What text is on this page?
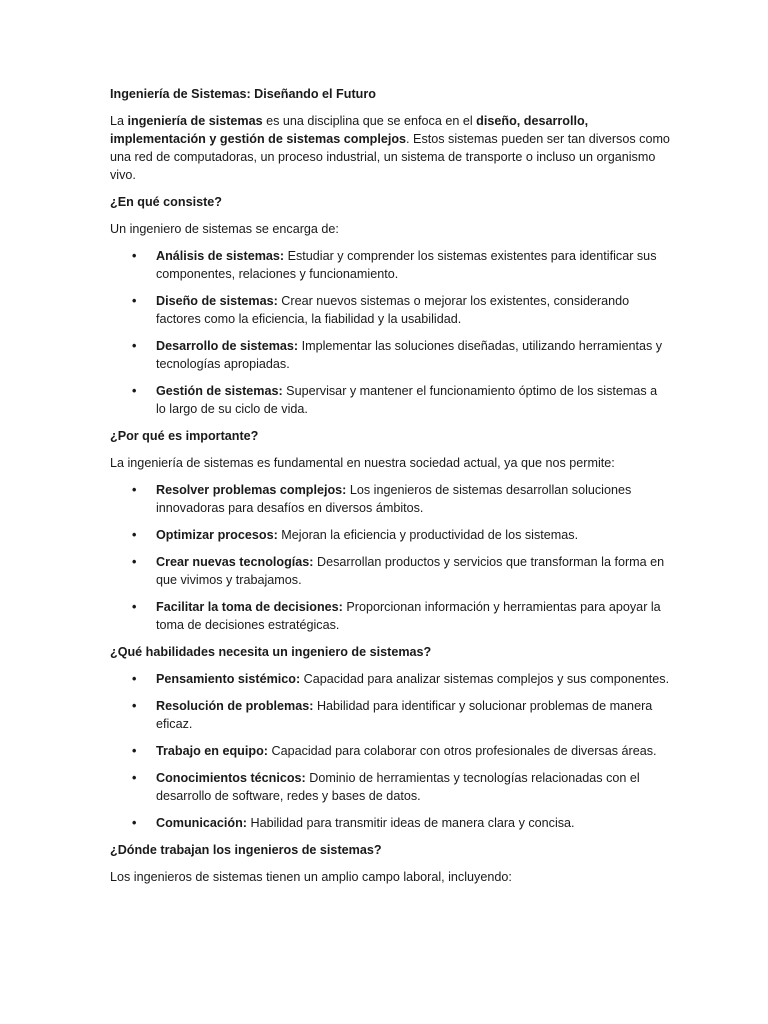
Ingeniería de Sistemas: Diseñando el Futuro

La ingeniería de sistemas es una disciplina que se enfoca en el diseño, desarrollo, implementación y gestión de sistemas complejos. Estos sistemas pueden ser tan diversos como una red de computadoras, un proceso industrial, un sistema de transporte o incluso un organismo vivo.

¿En qué consiste?

Un ingeniero de sistemas se encarga de:

• Análisis de sistemas: Estudiar y comprender los sistemas existentes para identificar sus componentes, relaciones y funcionamiento.
• Diseño de sistemas: Crear nuevos sistemas o mejorar los existentes, considerando factores como la eficiencia, la fiabilidad y la usabilidad.
• Desarrollo de sistemas: Implementar las soluciones diseñadas, utilizando herramientas y tecnologías apropiadas.
• Gestión de sistemas: Supervisar y mantener el funcionamiento óptimo de los sistemas a lo largo de su ciclo de vida.

¿Por qué es importante?

La ingeniería de sistemas es fundamental en nuestra sociedad actual, ya que nos permite:

• Resolver problemas complejos: Los ingenieros de sistemas desarrollan soluciones innovadoras para desafíos en diversos ámbitos.
• Optimizar procesos: Mejoran la eficiencia y productividad de los sistemas.
• Crear nuevas tecnologías: Desarrollan productos y servicios que transforman la forma en que vivimos y trabajamos.
• Facilitar la toma de decisiones: Proporcionan información y herramientas para apoyar la toma de decisiones estratégicas.

¿Qué habilidades necesita un ingeniero de sistemas?

• Pensamiento sistémico: Capacidad para analizar sistemas complejos y sus componentes.
• Resolución de problemas: Habilidad para identificar y solucionar problemas de manera eficaz.
• Trabajo en equipo: Capacidad para colaborar con otros profesionales de diversas áreas.
• Conocimientos técnicos: Dominio de herramientas y tecnologías relacionadas con el desarrollo de software, redes y bases de datos.
• Comunicación: Habilidad para transmitir ideas de manera clara y concisa.

¿Dónde trabajan los ingenieros de sistemas?

Los ingenieros de sistemas tienen un amplio campo laboral, incluyendo:
